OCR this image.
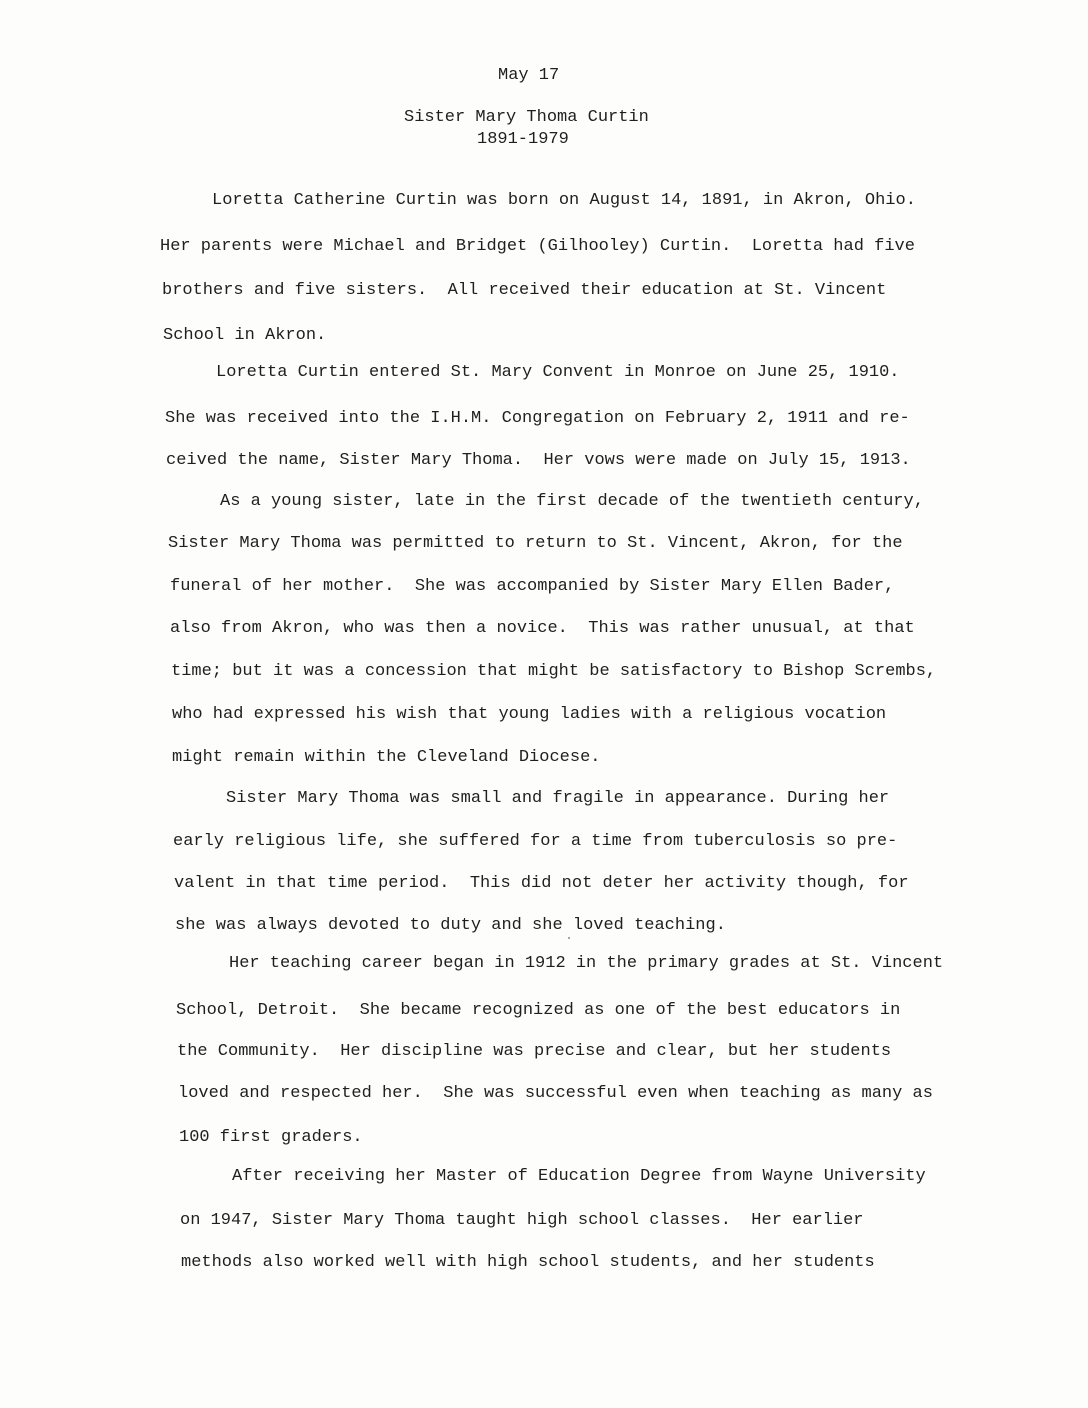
May 17
Sister Mary Thoma Curtin
1891-1979
Loretta Catherine Curtin was born on August 14, 1891, in Akron, Ohio.
Her parents were Michael and Bridget (Gilhooley) Curtin.  Loretta had five
brothers and five sisters.  All received their education at St. Vincent
School in Akron.
Loretta Curtin entered St. Mary Convent in Monroe on June 25, 1910.
She was received into the I.H.M. Congregation on February 2, 1911 and re-
ceived the name, Sister Mary Thoma.  Her vows were made on July 15, 1913.
As a young sister, late in the first decade of the twentieth century,
Sister Mary Thoma was permitted to return to St. Vincent, Akron, for the
funeral of her mother.  She was accompanied by Sister Mary Ellen Bader,
also from Akron, who was then a novice.  This was rather unusual, at that
time; but it was a concession that might be satisfactory to Bishop Scrembs,
who had expressed his wish that young ladies with a religious vocation
might remain within the Cleveland Diocese.
Sister Mary Thoma was small and fragile in appearance. During her
early religious life, she suffered for a time from tuberculosis so pre-
valent in that time period.  This did not deter her activity though, for
she was always devoted to duty and she loved teaching.
Her teaching career began in 1912 in the primary grades at St. Vincent
School, Detroit.  She became recognized as one of the best educators in
the Community.  Her discipline was precise and clear, but her students
loved and respected her.  She was successful even when teaching as many as
100 first graders.
After receiving her Master of Education Degree from Wayne University
on 1947, Sister Mary Thoma taught high school classes.  Her earlier
methods also worked well with high school students, and her students
